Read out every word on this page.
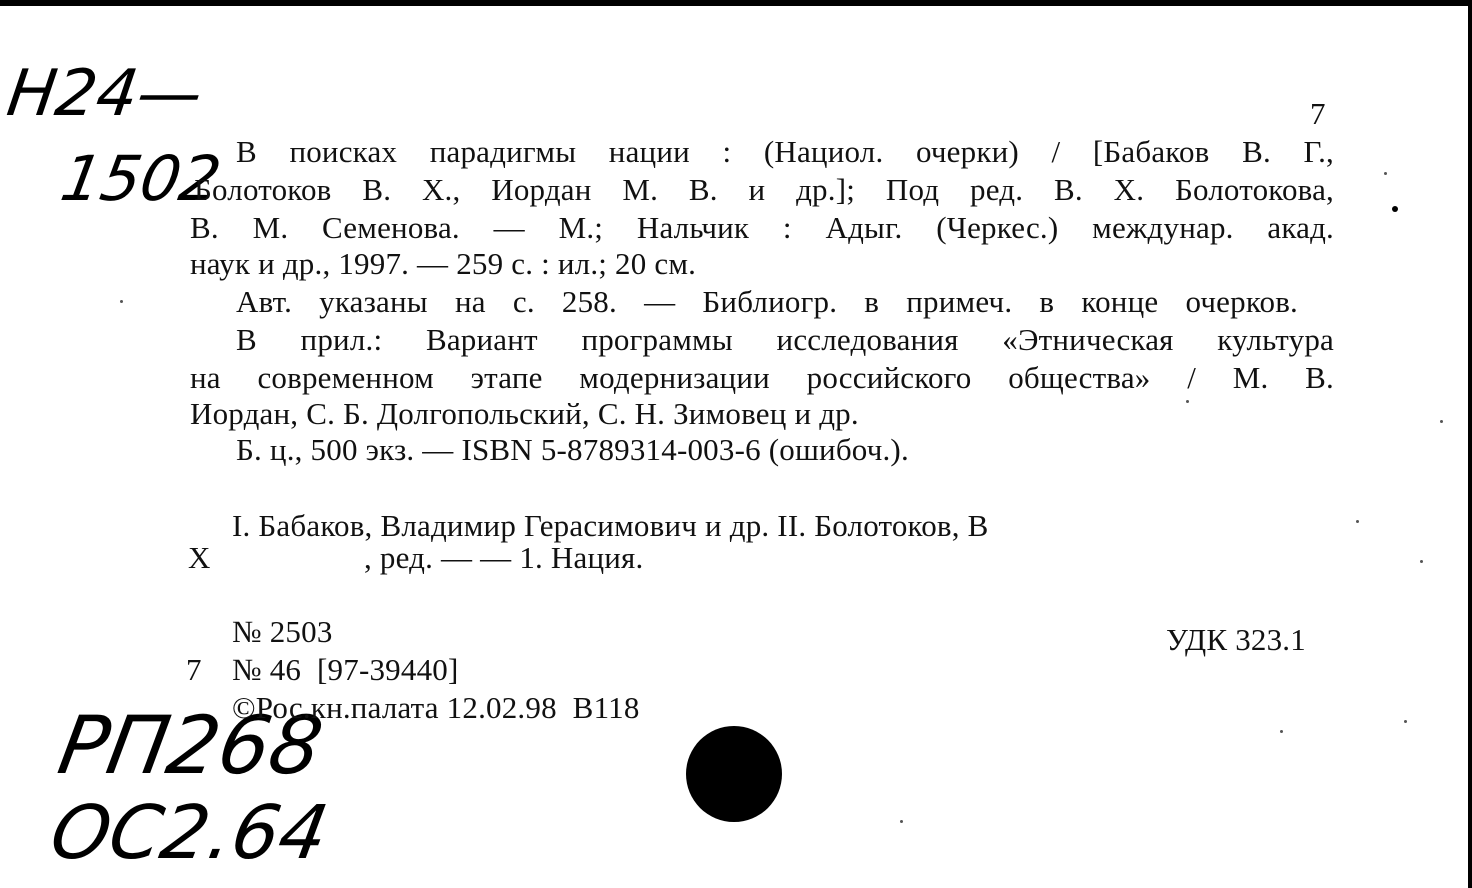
Н24—
1502
РП268
ОС2.64
7
В поисках парадигмы нации : (Нациол. очерки) / [Бабаков В. Г.,
Болотоков В. Х., Иордан М. В. и др.]; Под ред. В. Х. Болотокова,
В. М. Семенова. — М.; Нальчик : Адыг. (Черкес.) междунар. акад.
наук и др., 1997. — 259 с. : ил.; 20 см.
Авт. указаны на с. 258. — Библиогр. в примеч. в конце очерков.
В прил.: Вариант программы исследования «Этническая культура
на современном этапе модернизации российского общества» / М. В.
Иордан, С. Б. Долгопольский, С. Н. Зимовец и др.
Б. ц., 500 экз. — ISBN 5-8789314-003-6 (ошибоч.).
I. Бабаков, Владимир Герасимович и др. II. Болотоков, В
Х	, ред. — — 1. Нация.
№ 2503
7 № 46  [97-39440]
©Рос.кн.палата 12.02.98  В118
УДК 323.1
